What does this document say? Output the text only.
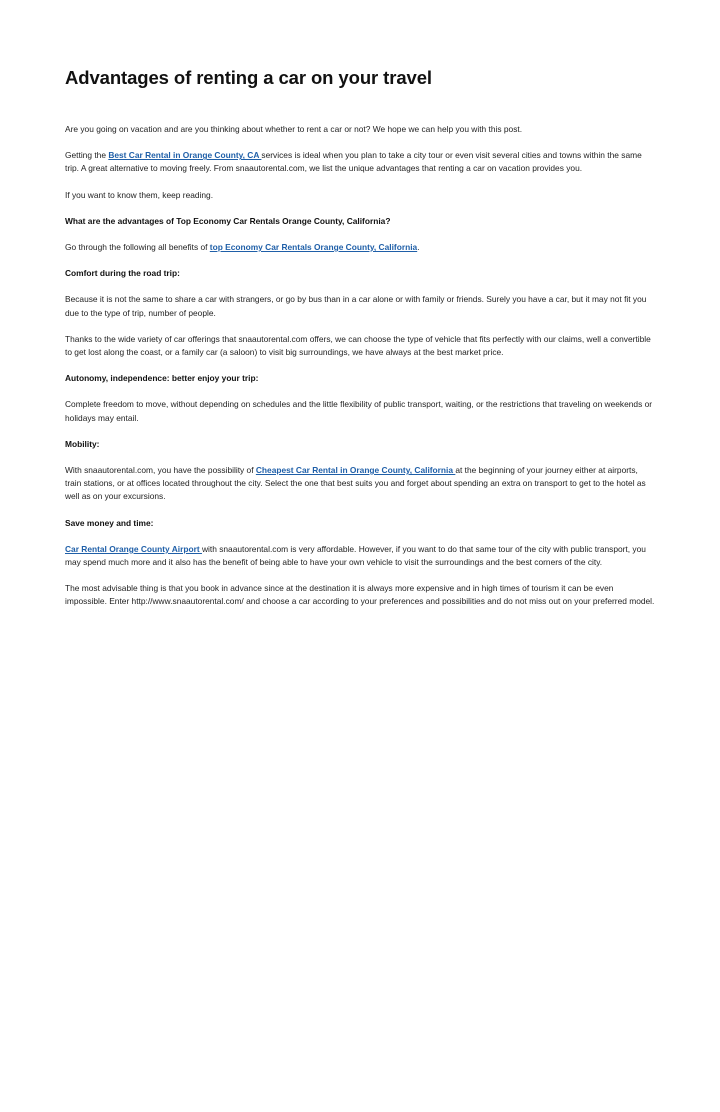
Advantages of renting a car on your travel

Are you going on vacation and are you thinking about whether to rent a car or not? We hope we can help you with this post.

Getting the Best Car Rental in Orange County, CA services is ideal when you plan to take a city tour or even visit several cities and towns within the same trip. A great alternative to moving freely. From snaautorental.com, we list the unique advantages that renting a car on vacation provides you.

If you want to know them, keep reading.

What are the advantages of Top Economy Car Rentals Orange County, California?

Go through the following all benefits of top Economy Car Rentals Orange County, California.

Comfort during the road trip:

Because it is not the same to share a car with strangers, or go by bus than in a car alone or with family or friends. Surely you have a car, but it may not fit you due to the type of trip, number of people.

Thanks to the wide variety of car offerings that snaautorental.com offers, we can choose the type of vehicle that fits perfectly with our claims, well a convertible to get lost along the coast, or a family car (a saloon) to visit big surroundings, we have always at the best market price.

Autonomy, independence: better enjoy your trip:

Complete freedom to move, without depending on schedules and the little flexibility of public transport, waiting, or the restrictions that traveling on weekends or holidays may entail.

Mobility:

With snaautorental.com, you have the possibility of Cheapest Car Rental in Orange County, California at the beginning of your journey either at airports, train stations, or at offices located throughout the city. Select the one that best suits you and forget about spending an extra on transport to get to the hotel as well as on your excursions.

Save money and time:

Car Rental Orange County Airport with snaautorental.com is very affordable. However, if you want to do that same tour of the city with public transport, you may spend much more and it also has the benefit of being able to have your own vehicle to visit the surroundings and the best corners of the city.

The most advisable thing is that you book in advance since at the destination it is always more expensive and in high times of tourism it can be even impossible. Enter http://www.snaautorental.com/ and choose a car according to your preferences and possibilities and do not miss out on your preferred model.
